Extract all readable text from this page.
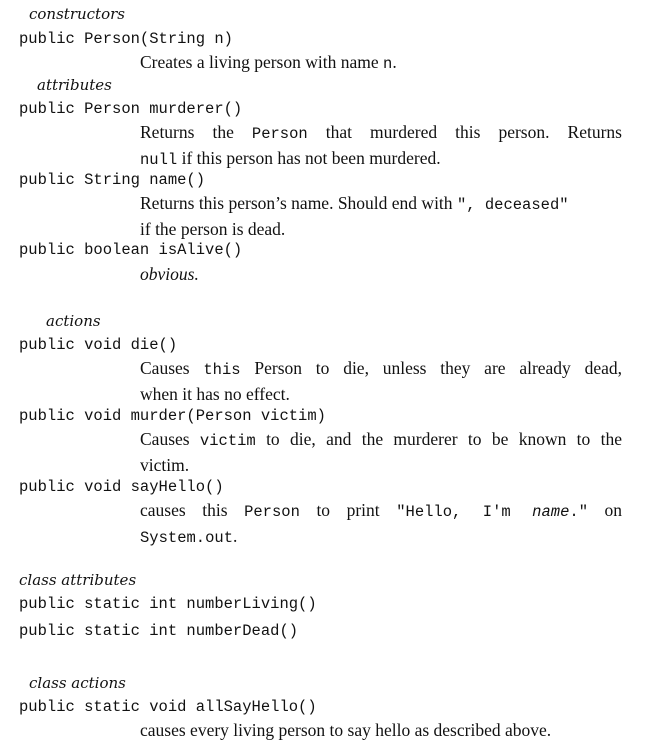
constructors
public Person(String n)
Creates a living person with name n.
attributes
public Person murderer()
Returns the Person that murdered this person. Returns
null if this person has not been murdered.
public String name()
Returns this person’s name. Should end with ", deceased"
if the person is dead.
public boolean isAlive()
obvious.
actions
public void die()
Causes this Person to die, unless they are already dead,
when it has no effect.
public void murder(Person victim)
Causes victim to die, and the murderer to be known to the
victim.
public void sayHello()
causes this Person to print "Hello, I'm name." on
System.out.
class attributes
public static int numberLiving()
public static int numberDead()
class actions
public static void allSayHello()
causes every living person to say hello as described above.
